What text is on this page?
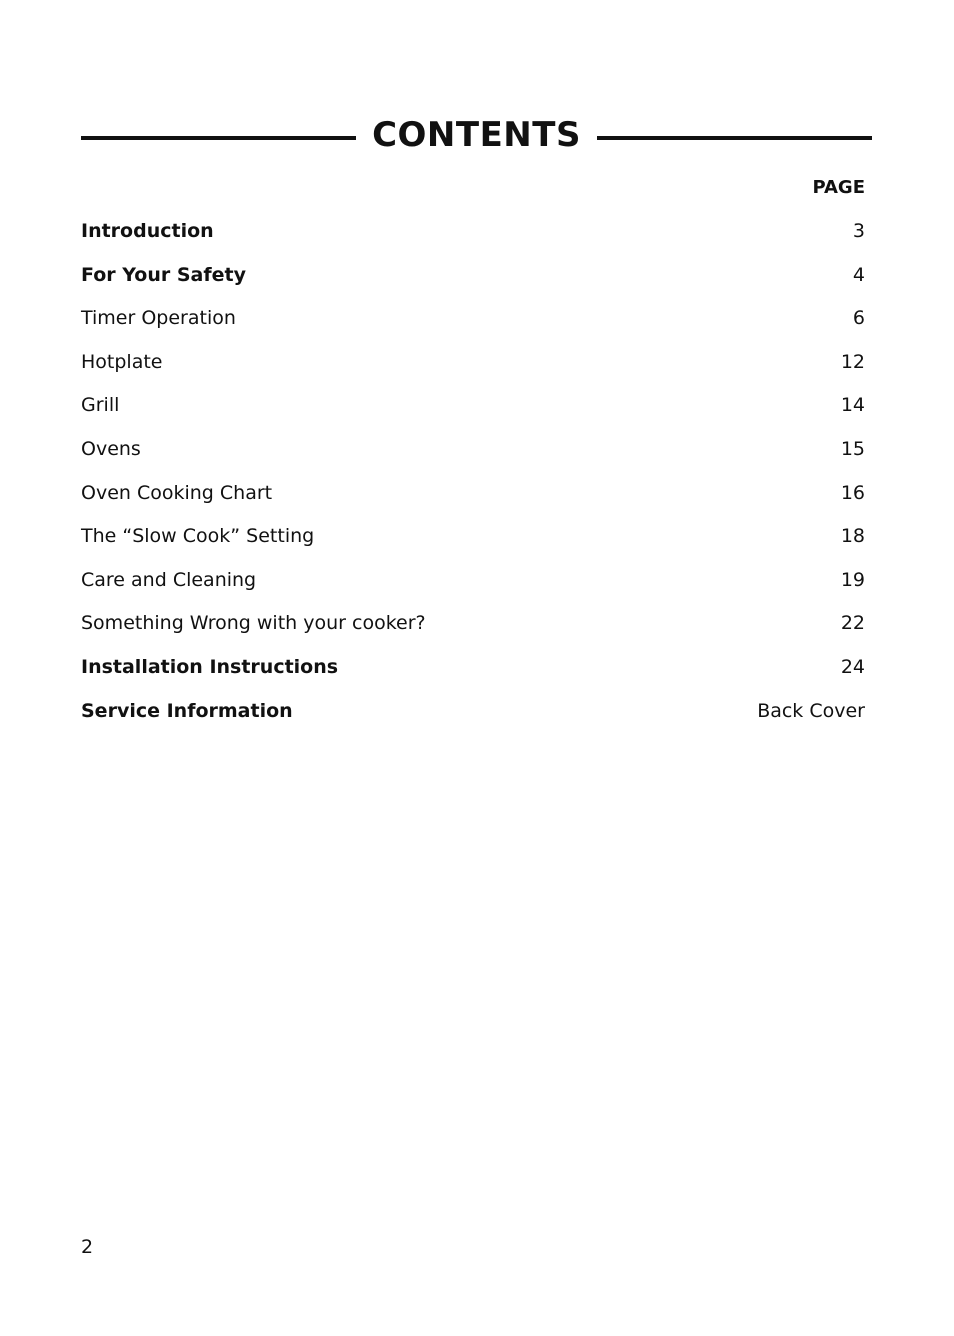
CONTENTS
PAGE
Introduction	3
For Your Safety	4
Timer Operation	6
Hotplate	12
Grill	14
Ovens	15
Oven Cooking Chart	16
The “Slow Cook” Setting	18
Care and Cleaning	19
Something Wrong with your cooker?	22
Installation Instructions	24
Service Information	Back Cover
2
